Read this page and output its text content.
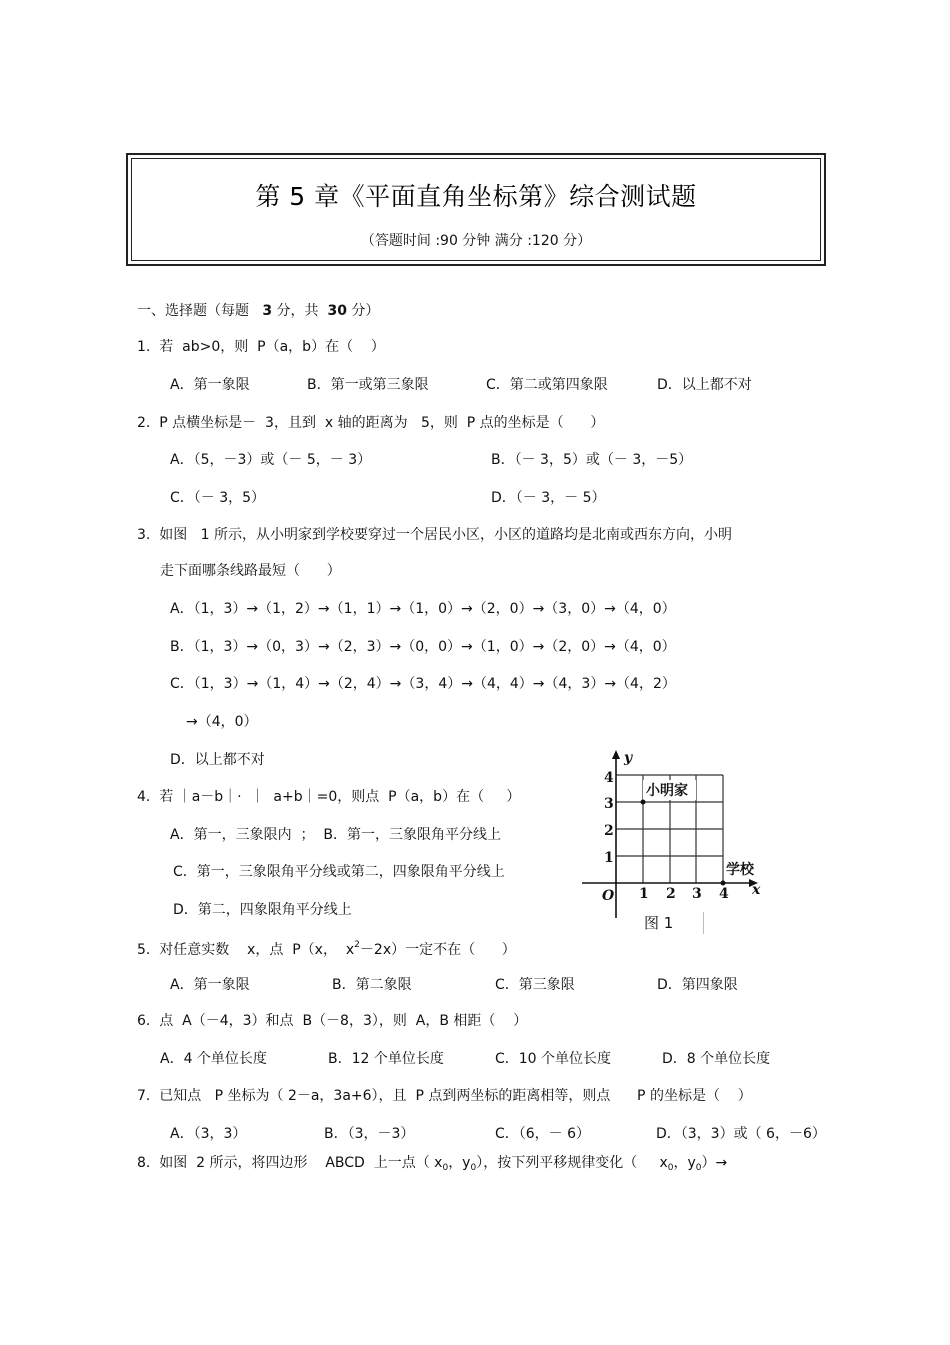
第 5 章《平面直角坐标第》综合测试题
（答题时间 :90 分钟 满分 :120 分）
一、选择题（每题   3 分，共  30 分）
1.  若  ab>0，则  P（a，b）在（    ）
A．第一象限	B．第一或第三象限	C．第二或第四象限	D．以上都不对
2.  P 点横坐标是－  3，且到  x 轴的距离为   5，则  P 点的坐标是（      ）
A．（5，－3）或（－ 5，－ 3）	B．（－ 3，5）或（－ 3，－5）
C．（－ 3，5）	D．（－ 3，－ 5）
3.  如图   1 所示，从小明家到学校要穿过一个居民小区，小区的道路均是北南或西东方向，小明
走下面哪条线路最短（      ）
A．（1，3）→（1，2）→（1，1）→（1，0）→（2，0）→（3，0）→（4，0）
B．（1，3）→（0，3）→（2，3）→（0，0）→（1，0）→（2，0）→（4，0）
C．（1，3）→（1，4）→（2，4）→（3，4）→（4，4）→（4，3）→（4，2）
→（4，0）
D．以上都不对
4.  若 ｜a－b｜·  ｜  a+b｜=0，则点  P（a，b）在（     ）
A．第一，三象限内  ；  B．第一，三象限角平分线上
C．第一，三象限角平分线或第二，四象限角平分线上
D．第二，四象限角平分线上
y
x
O 1 2 3 4
1
2
3
4
小明家
学校
图 1
5.  对任意实数    x，点  P（x，  $x^2-2x$）一定不在（      ）
A．第一象限	B．第二象限	C．第三象限	D．第四象限
6.  点  A（－4，3）和点  B（－8，3），则  A，B 相距（    ）
A．4 个单位长度	B．12 个单位长度	C．10 个单位长度	D．8 个单位长度
7.  已知点   P 坐标为（ 2－a，3a+6），且  P 点到两坐标的距离相等，则点      P 的坐标是（    ）
A．（3，3）	B．（3，－3）	C．（6，－ 6）	D．（3，3）或（ 6，－6）
8.  如图  2 所示，将四边形    ABCD  上一点（ $x_0$，$y_0$），按下列平移规律变化（     $x_0$，$y_0)\to$
